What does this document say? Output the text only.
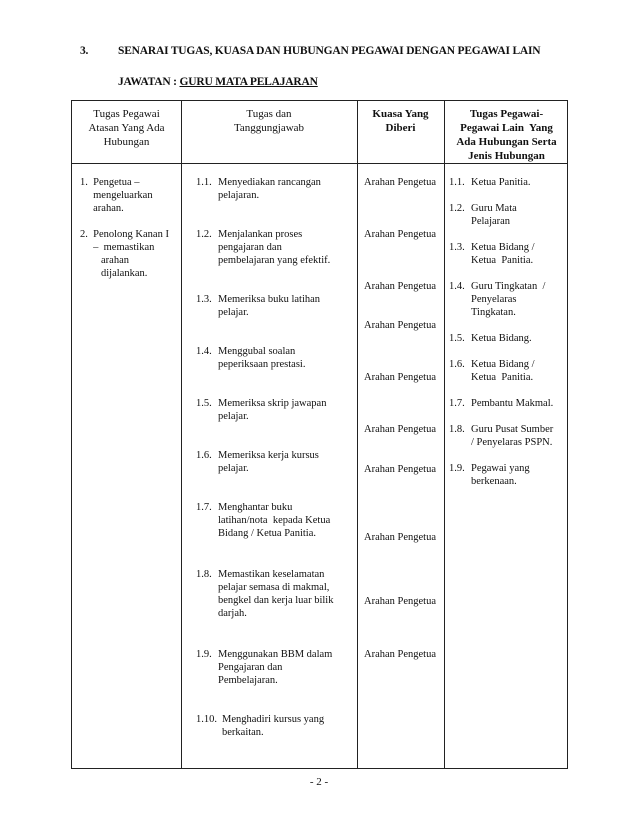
3.	SENARAI TUGAS, KUASA DAN HUBUNGAN PEGAWAI DENGAN PEGAWAI LAIN
JAWATAN : GURU MATA PELAJARAN
Tugas Pegawai
Atasan Yang Ada
Hubungan
Tugas dan
Tanggungjawab
Kuasa Yang
Diberi
Tugas Pegawai-
Pegawai Lain  Yang
Ada Hubungan Serta
Jenis Hubungan
1.  Pengetua –
mengeluarkan
arahan.
2.  Penolong Kanan I
–  memastikan
arahan
dijalankan.
1.1. Menyediakan rancangan
pelajaran.
1.2. Menjalankan proses
pengajaran dan
pembelajaran yang efektif.
1.3. Memeriksa buku latihan
pelajar.
1.4. Menggubal soalan
peperiksaan prestasi.
1.5. Memeriksa skrip jawapan
pelajar.
1.6. Memeriksa kerja kursus
pelajar.
1.7. Menghantar buku
latihan/nota  kepada Ketua
Bidang / Ketua Panitia.
1.8. Memastikan keselamatan
pelajar semasa di makmal,
bengkel dan kerja luar bilik
darjah.
1.9. Menggunakan BBM dalam
Pengajaran dan
Pembelajaran.
1.10. Menghadiri kursus yang
berkaitan.
Arahan Pengetua
Arahan Pengetua
Arahan Pengetua
Arahan Pengetua
Arahan Pengetua
Arahan Pengetua
Arahan Pengetua
Arahan Pengetua
Arahan Pengetua
Arahan Pengetua
1.1. Ketua Panitia.
1.2. Guru Mata
Pelajaran
1.3. Ketua Bidang /
Ketua  Panitia.
1.4. Guru Tingkatan  /
Penyelaras
Tingkatan.
1.5. Ketua Bidang.
1.6. Ketua Bidang /
Ketua  Panitia.
1.7. Pembantu Makmal.
1.8. Guru Pusat Sumber
/ Penyelaras PSPN.
1.9. Pegawai yang
berkenaan.
- 2 -
